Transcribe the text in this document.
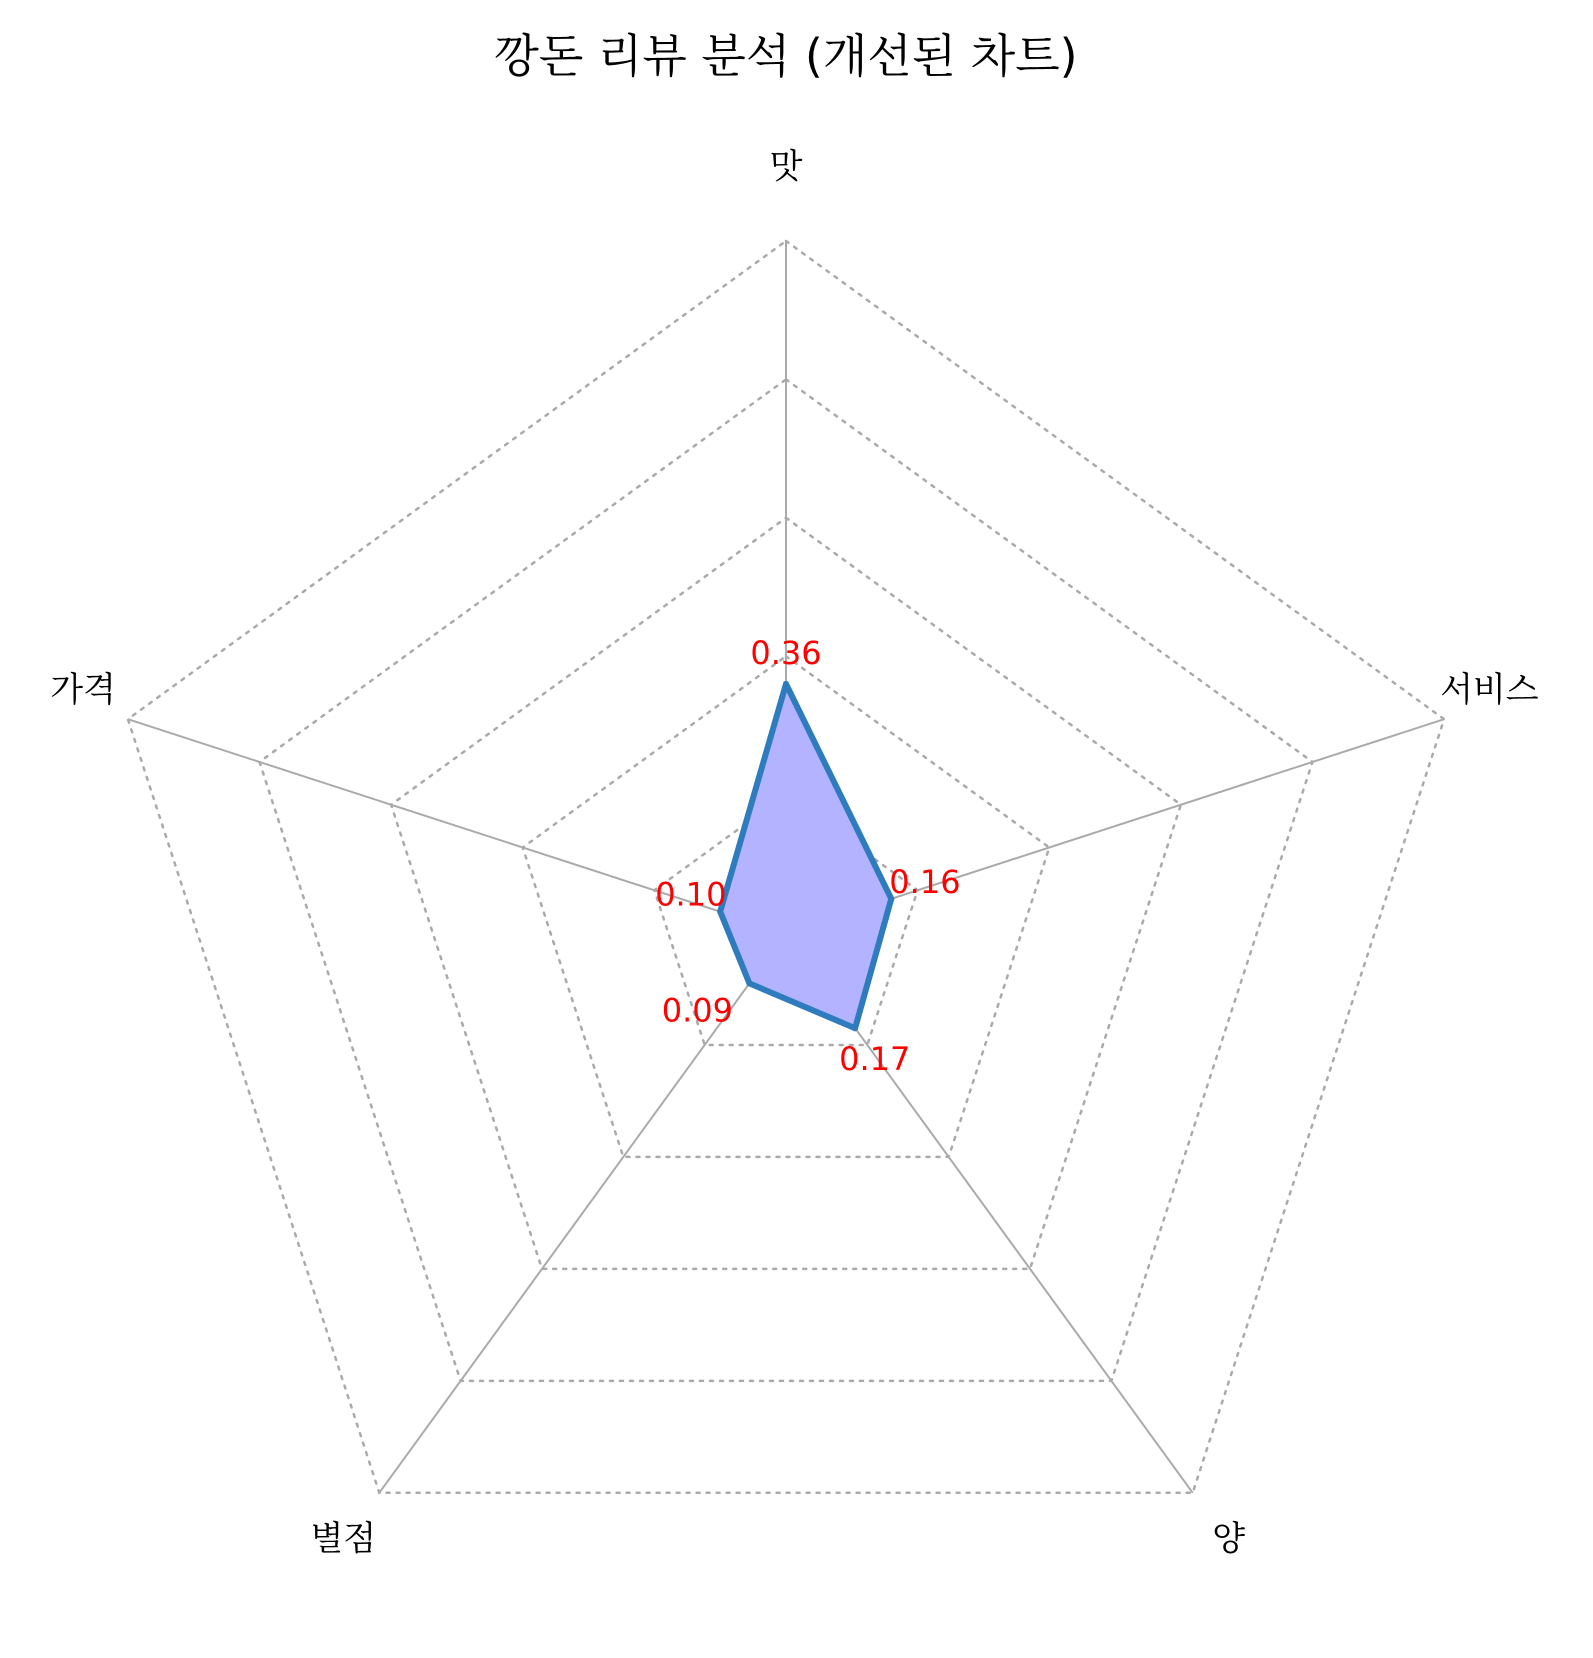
깡돈 리뷰 분석 (개선된 차트)
맛
서비스
양
별점
가격
0.36
0.16
0.17
0.09
0.10
